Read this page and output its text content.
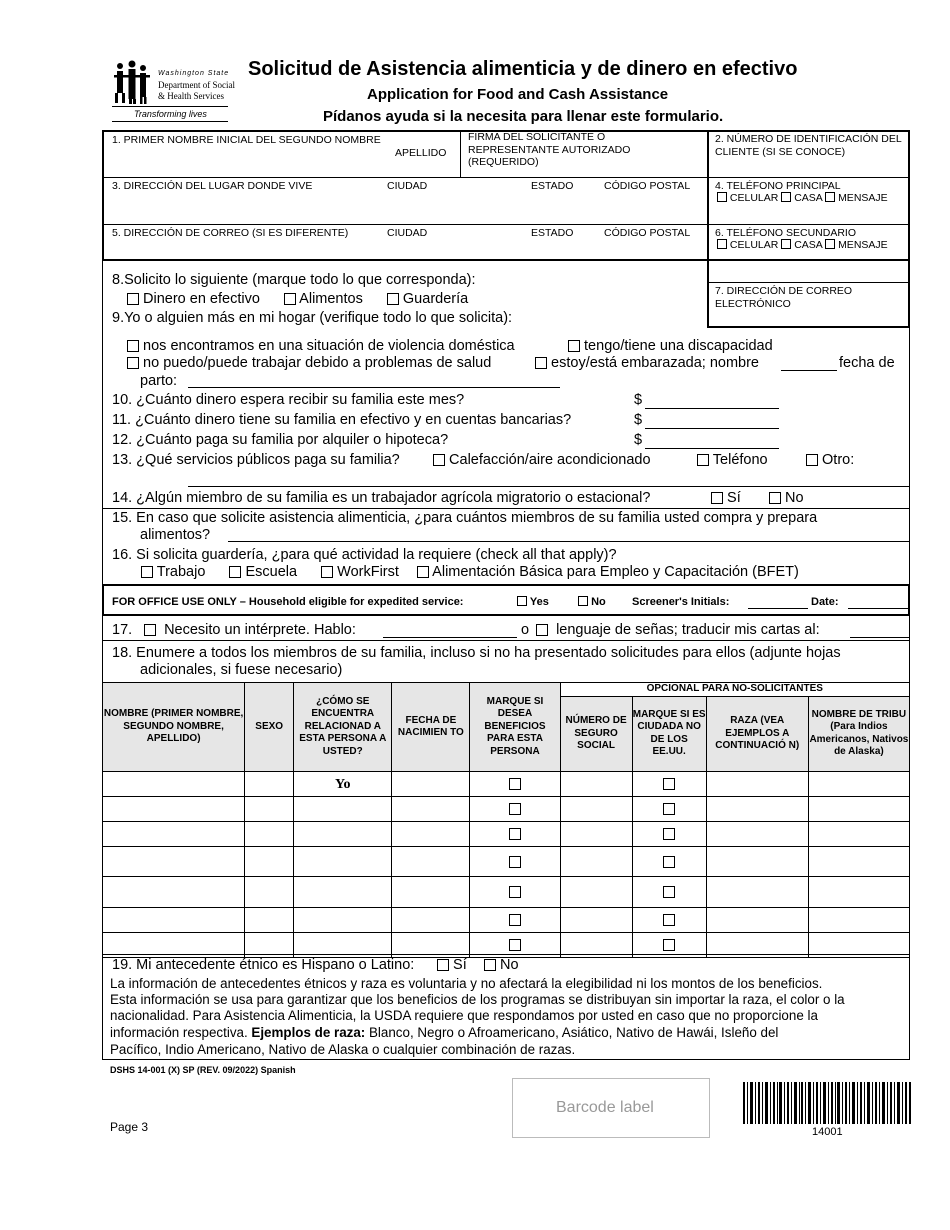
Washington State
Department of Social
& Health Services
Transforming lives
Solicitud de Asistencia alimenticia y de dinero en efectivo
Application for Food and Cash Assistance
Pídanos ayuda si la necesita para llenar este formulario.
1. PRIMER NOMBRE INICIAL DEL SEGUNDO NOMBRE
APELLIDO
FIRMA DEL SOLICITANTE O REPRESENTANTE AUTORIZADO (REQUERIDO)
2. NÚMERO DE IDENTIFICACIÓN DEL CLIENTE (SI SE CONOCE)
3. DIRECCIÓN DEL LUGAR DONDE VIVE	CIUDAD	ESTADO	CÓDIGO POSTAL 4. TELÉFONO PRINCIPAL
CELULAR CASA MENSAJE
5. DIRECCIÓN DE CORREO (SI ES DIFERENTE)	CIUDAD	ESTADO	CÓDIGO POSTAL 6. TELÉFONO SECUNDARIO
CELULAR CASA MENSAJE
7. DIRECCIÓN DE CORREO ELECTRÓNICO
8.Solicito lo siguiente (marque todo lo que corresponda):
Dinero en efectivo	Alimentos	Guardería
9.Yo o alguien más en mi hogar (verifique todo lo que solicita):
nos encontramos en una situación de violencia doméstica	tengo/tiene una discapacidad
no puedo/puede trabajar debido a problemas de salud	estoy/está embarazada; nombre	fecha de
parto:
10. ¿Cuánto dinero espera recibir su familia este mes?	$
11. ¿Cuánto dinero tiene su familia en efectivo y en cuentas bancarias?	$
12. ¿Cuánto paga su familia por alquiler o hipoteca?	$
13. ¿Qué servicios públicos paga su familia?	Calefacción/aire acondicionado	Teléfono	Otro:
14. ¿Algún miembro de su familia es un trabajador agrícola migratorio o estacional?	Sí	No
15. En caso que solicite asistencia alimenticia, ¿para cuántos miembros de su familia usted compra y prepara
alimentos?
16. Si solicita guardería, ¿para qué actividad la requiere (check all that apply)?
Trabajo	Escuela	WorkFirst Alimentación Básica para Empleo y Capacitación (BFET)
FOR OFFICE USE ONLY – Household eligible for expedited service:	Yes	No Screener's Initials:	Date:
17.	Necesito un intérprete. Hablo:	o	lenguaje de señas; traducir mis cartas al:
18. Enumere a todos los miembros de su familia, incluso si no ha presentado solicitudes para ellos (adjunte hojas
adicionales, si fuese necesario)
NOMBRE (PRIMER NOMBRE, SEGUNDO NOMBRE, APELLIDO)	SEXO	¿CÓMO SE ENCUENTRA RELACIONAD A ESTA PERSONA A USTED?	FECHA DE NACIMIEN TO	MARQUE SI DESEA BENEFICIOS PARA ESTA PERSONA	OPCIONAL PARA NO-SOLICITANTES			
					NÚMERO DE SEGURO SOCIAL	MARQUE SI ES CIUDADA NO DE LOS EE.UU.	RAZA (VEA EJEMPLOS A CONTINUACIÓ N)	NOMBRE DE TRIBU (Para Indios Americanos, Nativos de Alaska)
		Yo						

19. Mi antecedente étnico es Hispano o Latino:	Sí	No
La información de antecedentes étnicos y raza es voluntaria y no afectará la elegibilidad ni los montos de los beneficios.
Esta información se usa para garantizar que los beneficios de los programas se distribuyan sin importar la raza, el color o la
nacionalidad. Para Asistencia Alimenticia, la USDA requiere que respondamos por usted en caso que no proporcione la
información respectiva. Ejemplos de raza: Blanco, Negro o Afroamericano, Asiático, Nativo de Hawái, Isleño del
Pacífico, Indio Americano, Nativo de Alaska o cualquier combinación de razas.
DSHS 14-001 (X) SP (REV. 09/2022) Spanish
Page 3
Barcode label
14001
